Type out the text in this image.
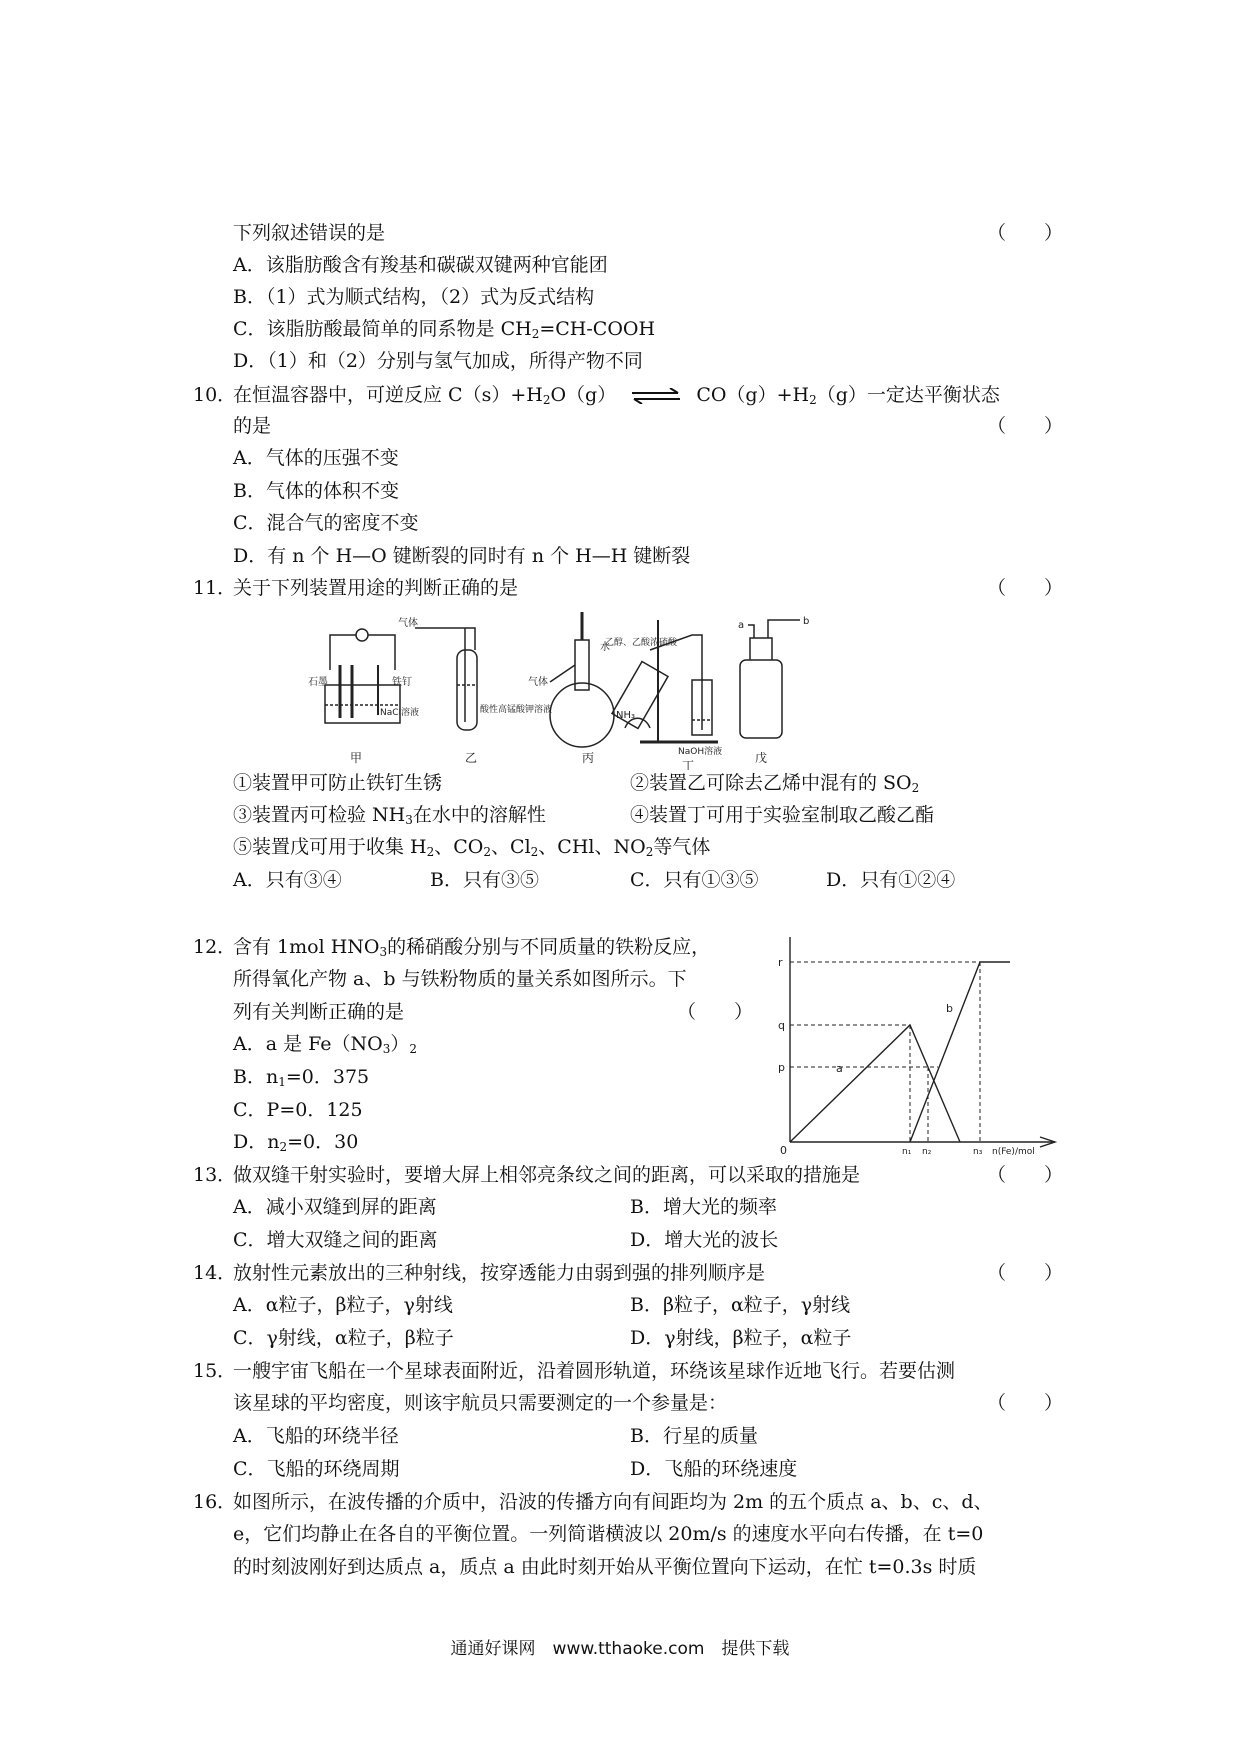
下列叙述错误的是	（　　）
A．该脂肪酸含有羧基和碳碳双键两种官能团
B．（1）式为顺式结构，（2）式为反式结构
C．该脂肪酸最简单的同系物是 $CH_2=CH$-COOH
D．（1）和（2）分别与氢气加成，所得产物不同
10．
在恒温容器中，可逆反应 $C(s)+H_2O(g)$ ⇌ $CO(g)+H_2(g)$一定达平衡状态
的是	（　　）
A．气体的压强不变
B．气体的体积不变
C．混合气的密度不变
D．有 n 个 H—O 键断裂的同时有 n 个 H—H 键断裂
11．
关于下列装置用途的判断正确的是	（　　）
石墨	铁钉
NaCl溶液
甲
气体
酸性高锰酸钾溶液
乙
气体
水
NH₃
丙
乙醇、乙酸浓硫酸
NaOH溶液
丁
a	b
戊
①装置甲可防止铁钉生锈	②装置乙可除去乙烯中混有的 $SO_2$
③装置丙可检验 $NH_3$在水中的溶解性	④装置丁可用于实验室制取乙酸乙酯
⑤装置戊可用于收集 $H_2$、$CO_2$、$Cl_2$、CHl、$NO_2$等气体
A．只有③④	B．只有③⑤	C．只有①③⑤	D．只有①②④
12．
含有 1mol $HNO_3$的稀硝酸分别与不同质量的铁粉反应，
所得氧化产物 a、b 与铁粉物质的量关系如图所示。下
列有关判断正确的是	（　　）
A．a 是 $Fe(NO_3)_2$
B．$n_1=0$．375
C．P=0．125
D．$n_2=0$．30
r
q
p
0
a
b
n₁ n₂	n₃ n(Fe)/mol
13．
做双缝干射实验时，要增大屏上相邻亮条纹之间的距离，可以采取的措施是	（　　）
A．减小双缝到屏的距离	B．增大光的频率
C．增大双缝之间的距离	D．增大光的波长
14．
放射性元素放出的三种射线，按穿透能力由弱到强的排列顺序是	（　　）
A．α粒子，β粒子，γ射线	B．β粒子，α粒子，γ射线
C．γ射线，α粒子，β粒子	D．γ射线，β粒子，α粒子
15．
一艘宇宙飞船在一个星球表面附近，沿着圆形轨道，环绕该星球作近地飞行。若要估测
该星球的平均密度，则该宇航员只需要测定的一个参量是：	（　　）
A．飞船的环绕半径	B．行星的质量
C．飞船的环绕周期	D．飞船的环绕速度
16．
如图所示，在波传播的介质中，沿波的传播方向有间距均为 2m 的五个质点 a、b、c、d、
e，它们均静止在各自的平衡位置。一列简谐横波以 20m/s 的速度水平向右传播，在 t=0
的时刻波刚好到达质点 a，质点 a 由此时刻开始从平衡位置向下运动，在忙 t=0.3s 时质
通通好课网　www.tthaoke.com　提供下载
